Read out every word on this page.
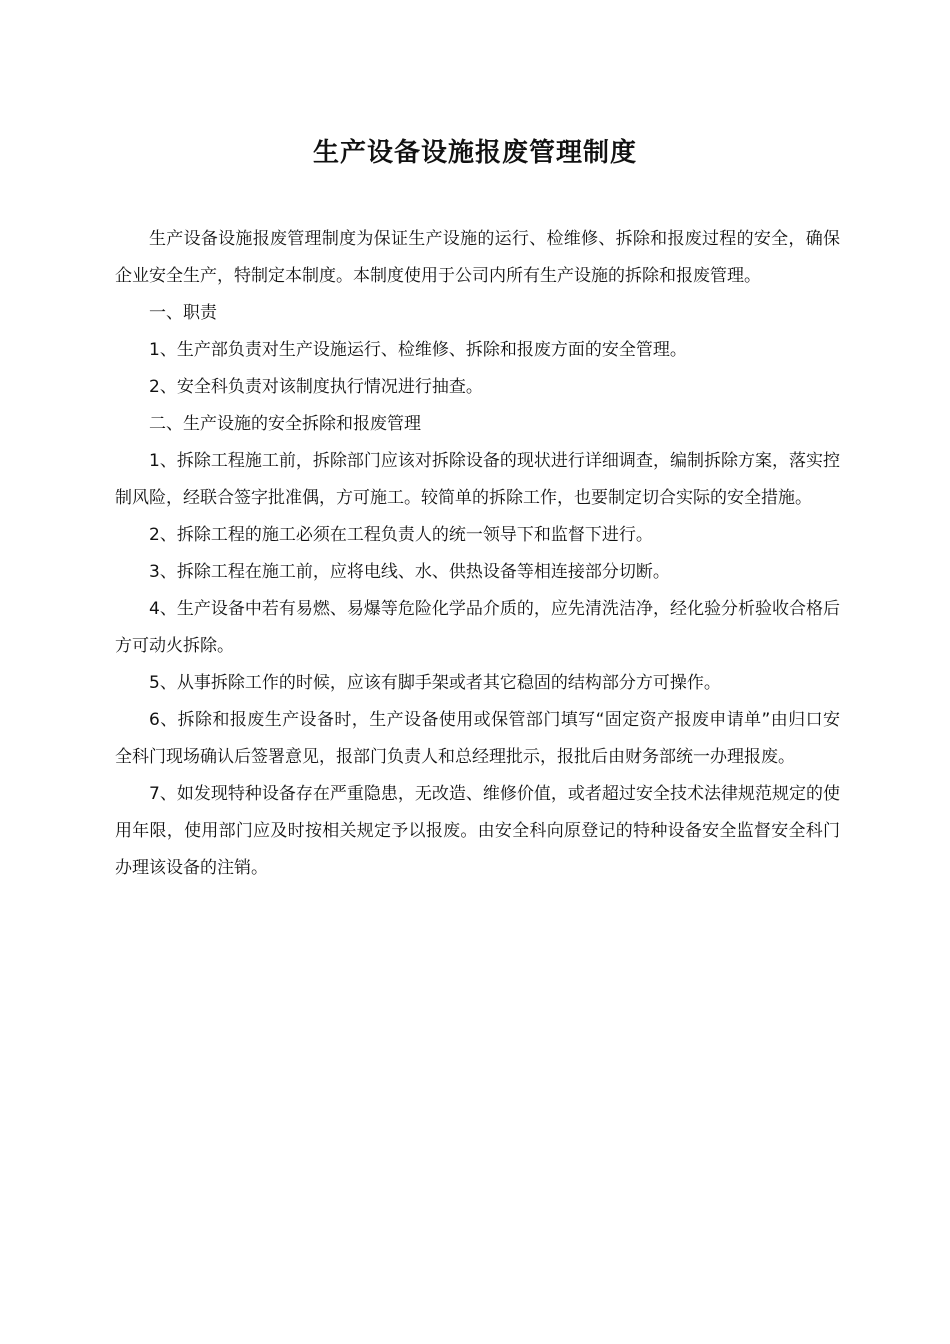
生产设备设施报废管理制度

生产设备设施报废管理制度为保证生产设施的运行、检维修、拆除和报废过程的安全，确保企业安全生产，特制定本制度。本制度使用于公司内所有生产设施的拆除和报废管理。

一、职责

1、生产部负责对生产设施运行、检维修、拆除和报废方面的安全管理。

2、安全科负责对该制度执行情况进行抽查。

二、生产设施的安全拆除和报废管理

1、拆除工程施工前，拆除部门应该对拆除设备的现状进行详细调查，编制拆除方案，落实控制风险，经联合签字批准偶，方可施工。较简单的拆除工作，也要制定切合实际的安全措施。

2、拆除工程的施工必须在工程负责人的统一领导下和监督下进行。

3、拆除工程在施工前，应将电线、水、供热设备等相连接部分切断。

4、生产设备中若有易燃、易爆等危险化学品介质的，应先清洗洁净，经化验分析验收合格后方可动火拆除。

5、从事拆除工作的时候，应该有脚手架或者其它稳固的结构部分方可操作。

6、拆除和报废生产设备时，生产设备使用或保管部门填写“固定资产报废申请单”由归口安全科门现场确认后签署意见，报部门负责人和总经理批示，报批后由财务部统一办理报废。

7、如发现特种设备存在严重隐患，无改造、维修价值，或者超过安全技术法律规范规定的使用年限，使用部门应及时按相关规定予以报废。由安全科向原登记的特种设备安全监督安全科门办理该设备的注销。
